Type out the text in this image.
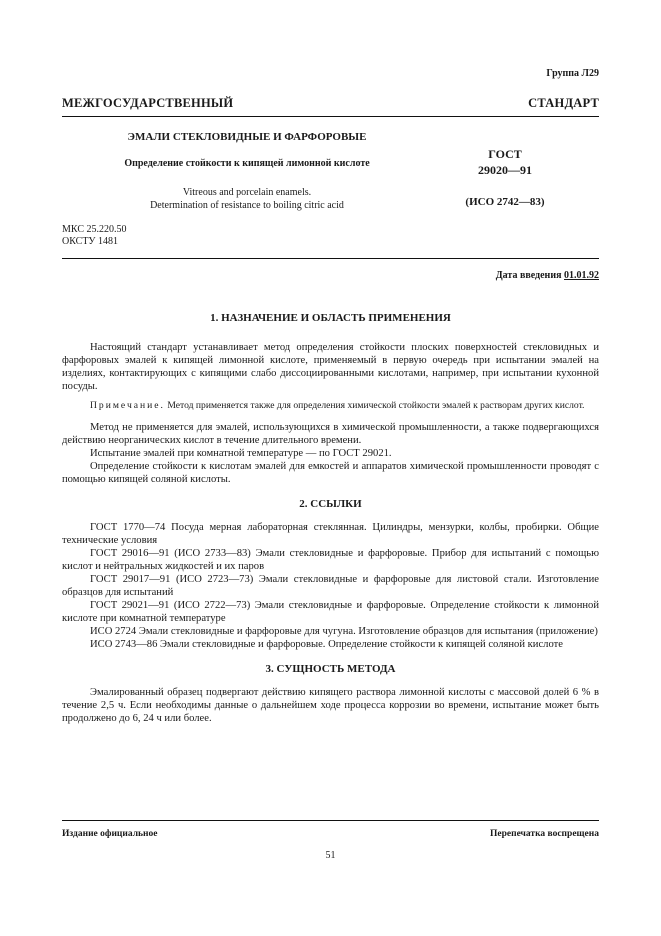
Группа Л29
МЕЖГОСУДАРСТВЕННЫЙ СТАНДАРТ
ЭМАЛИ СТЕКЛОВИДНЫЕ И ФАРФОРОВЫЕ
Определение стойкости к кипящей лимонной кислоте
Vitreous and porcelain enamels.
Determination of resistance to boiling citric acid
ГОСТ
29020—91
(ИСО 2742—83)
МКС 25.220.50
ОКСТУ 1481
Дата введения 01.01.92
1. НАЗНАЧЕНИЕ И ОБЛАСТЬ ПРИМЕНЕНИЯ

Настоящий стандарт устанавливает метод определения стойкости плоских поверхностей стекловидных и фарфоровых эмалей к кипящей лимонной кислоте, применяемый в первую очередь при испытании эмалей на изделиях, контактирующих с кипящими слабо диссоциированными кислотами, например, при испытании кухонной посуды.

Примечание. Метод применяется также для определения химической стойкости эмалей к растворам других кислот.

Метод не применяется для эмалей, использующихся в химической промышленности, а также подвергающихся действию неорганических кислот в течение длительного времени.

Испытание эмалей при комнатной температуре — по ГОСТ 29021.

Определение стойкости к кислотам эмалей для емкостей и аппаратов химической промышленности проводят с помощью кипящей соляной кислоты.

2. ССЫЛКИ

ГОСТ 1770—74 Посуда мерная лабораторная стеклянная. Цилиндры, мензурки, колбы, пробирки. Общие технические условия

ГОСТ 29016—91 (ИСО 2733—83) Эмали стекловидные и фарфоровые. Прибор для испытаний с помощью кислот и нейтральных жидкостей и их паров

ГОСТ 29017—91 (ИСО 2723—73) Эмали стекловидные и фарфоровые для листовой стали. Изготовление образцов для испытаний

ГОСТ 29021—91 (ИСО 2722—73) Эмали стекловидные и фарфоровые. Определение стойкости к лимонной кислоте при комнатной температуре

ИСО 2724 Эмали стекловидные и фарфоровые для чугуна. Изготовление образцов для испытания (приложение)

ИСО 2743—86 Эмали стекловидные и фарфоровые. Определение стойкости к кипящей соляной кислоте

3. СУЩНОСТЬ МЕТОДА

Эмалированный образец подвергают действию кипящего раствора лимонной кислоты с массовой долей 6 % в течение 2,5 ч. Если необходимы данные о дальнейшем ходе процесса коррозии во времени, испытание может быть продолжено до 6, 24 ч или более.

Издание официальное	Перепечатка воспрещена
51
